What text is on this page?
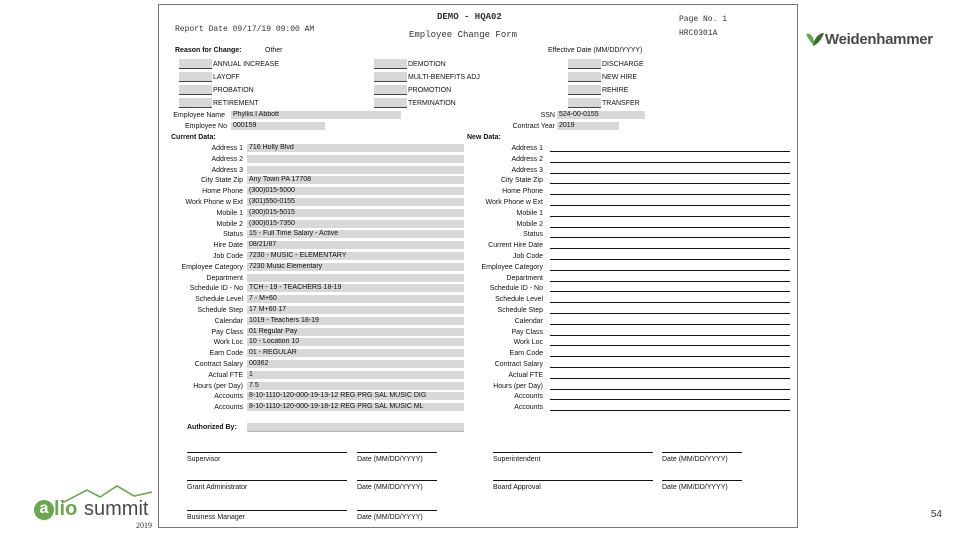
Weidenhammer
a lio summit
2019
54
DEMO - HQA02
Report Date 09/17/19 09:00 AM
Employee Change Form
Page No. 1
HRC0301A
Reason for Change:	Other	Effective Date (MM/DD/YYYY)
ANNUAL INCREASE	DEMOTION	DISCHARGE
LAYOFF	MULTI-BENEFITS ADJ	NEW HIRE
PROBATION	PROMOTION	REHIRE
RETIREMENT	TERMINATION	TRANSFER
Employee Name Phyllis I Abbott
Employee No 000159
SSN 524-00-0155
Contract Year 2019
Current Data:	New Data:
Address 1 716 Holly Blvd	Address 1
Address 2	Address 2
Address 3	Address 3
City State Zip Any Town PA 17708	City State Zip
Home Phone (300)015-5000	Home Phone
Work Phone w Ext (301)550-0155	Work Phone w Ext
Mobile 1 (300)015-5015	Mobile 1
Mobile 2 (300)015-7350	Mobile 2
Status 15 - Full Time Salary - Active	Status
Hire Date 08/21/87	Current Hire Date
Job Code 7230 - MUSIC - ELEMENTARY	Job Code
Employee Category 7230 Music Elementary	Employee Category
Department	Department
Schedule ID - No TCH - 19 - TEACHERS 18-19	Schedule ID - No
Schedule Level 7 - M+60	Schedule Level
Schedule Step 17 M+60 17	Schedule Step
Calendar 1019 - Teachers 18-19	Calendar
Pay Class 01 Regular Pay	Pay Class
Work Loc 10 - Location 10	Work Loc
Earn Code 01 - REGULAR	Earn Code
Contract Salary 00362	Contract Salary
Actual FTE 1	Actual FTE
Hours (per Day) 7.5	Hours (per Day)
Accounts 8-10-1110-120-000-19-13-12 REG PRG SAL MUSIC DIG	Accounts
Accounts 8-10-1110-120-000-19-18-12 REG PRG SAL MUSIC ML	Accounts
Authorized By:
Supervisor	Date (MM/DD/YYYY)	Superintendent	Date (MM/DD/YYYY)
Grant Administrator	Date (MM/DD/YYYY)	Board Approval	Date (MM/DD/YYYY)
Business Manager	Date (MM/DD/YYYY)
